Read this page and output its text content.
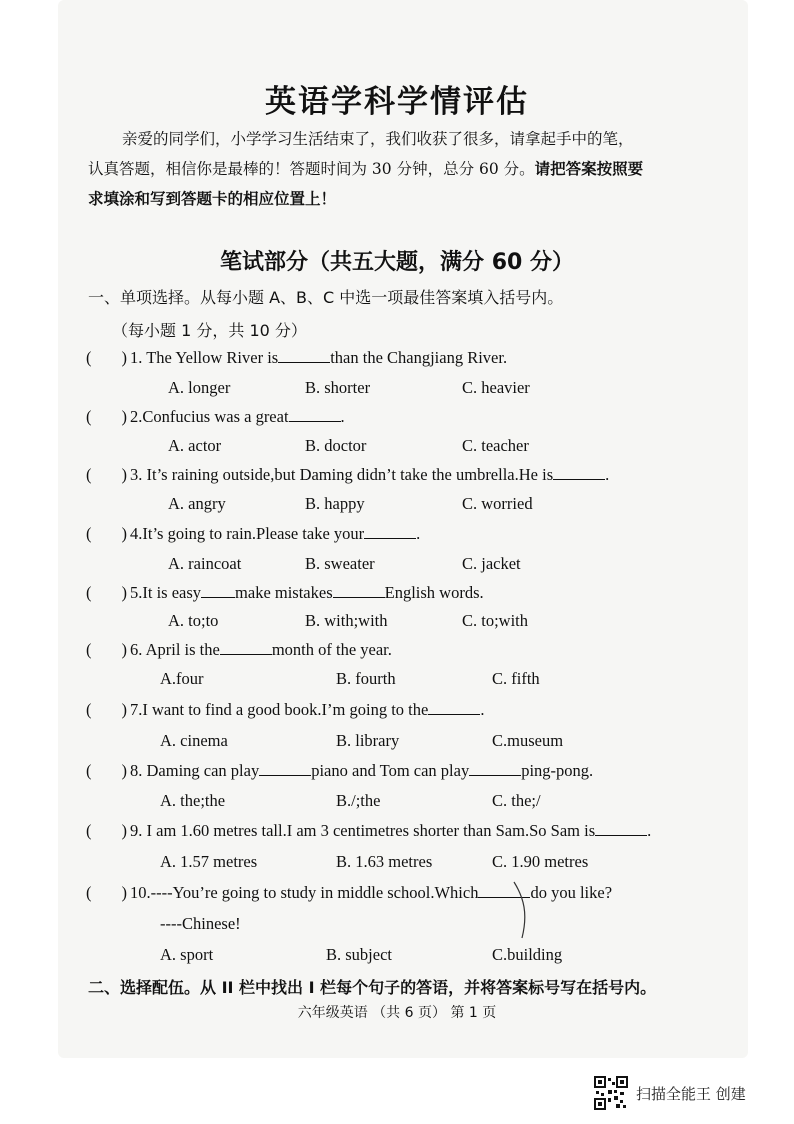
英语学科学情评估
亲爱的同学们，小学学习生活结束了，我们收获了很多，请拿起手中的笔，
认真答题，相信你是最棒的！答题时间为 30 分钟，总分 60 分。请把答案按照要
求填涂和写到答题卡的相应位置上！
笔试部分（共五大题，满分 60 分）
一、单项选择。从每小题 A、B、C 中选一项最佳答案填入括号内。
（每小题 1 分，共 10 分）
( ) 1. The Yellow River is	than the Changjiang River.
A. longer	B. shorter	C. heavier
( ) 2.Confucius was a great	.
A. actor	B. doctor	C. teacher
( ) 3. It’s raining outside,but Daming didn’t take the umbrella.He is	.
A. angry	B. happy	C. worried
( ) 4.It’s going to rain.Please take your	.
A. raincoat	B. sweater	C. jacket
( ) 5.It is easy make mistakes	English words.
A. to;to	B. with;with	C. to;with
( ) 6. April is the	month of the year.
A.four	B. fourth	C. fifth
( ) 7.I want to find a good book.I’m going to the	.
A. cinema	B. library	C.museum
( ) 8. Daming can play	piano and Tom can play	ping-pong.
A. the;the	B./;the	C. the;/
( ) 9. I am 1.60 metres tall.I am 3 centimetres shorter than Sam.So Sam is	.
A. 1.57 metres	B. 1.63 metres	C. 1.90 metres
( ) 10.----You’re going to study in middle school.Which	do you like?
----Chinese!
A. sport	B. subject	C.building
二、选择配伍。从 II 栏中找出 I 栏每个句子的答语，并将答案标号写在括号内。
六年级英语 （共 6 页） 第 1 页
扫描全能王 创建
